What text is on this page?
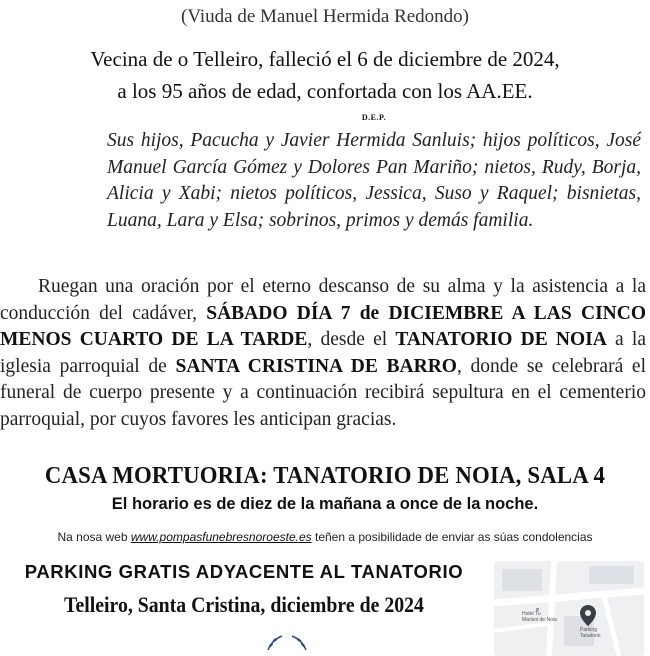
(Viuda de Manuel Hermida Redondo)
Vecina de o Telleiro, falleció el 6 de diciembre de 2024,
a los 95 años de edad, confortada con los AA.EE.
D.E.P.
Sus hijos, Pacucha y Javier Hermida Sanluis; hijos políticos, José Manuel García Gómez y Dolores Pan Mariño; nietos, Rudy, Borja, Alicia y Xabi; nietos políticos, Jessica, Suso y Raquel; bisnietas, Luana, Lara y Elsa; sobrinos, primos y demás familia.
Ruegan una oración por el eterno descanso de su alma y la asistencia a la conducción del cadáver, SÁBADO DÍA 7 de DICIEMBRE A LAS CINCO MENOS CUARTO DE LA TARDE, desde el TANATORIO DE NOIA a la iglesia parroquial de SANTA CRISTINA DE BARRO, donde se celebrará el funeral de cuerpo presente y a continuación recibirá sepultura en el cementerio parroquial, por cuyos favores les anticipan gracias.
CASA MORTUORIA: TANATORIO DE NOIA, SALA 4
El horario es de diez de la mañana a once de la noche.
Na nosa web www.pompasfunebresnoroeste.es teñen a posibilidade de enviar as súas condolencias
PARKING GRATIS ADYACENTE AL TANATORIO
Telleiro, Santa Cristina, diciembre de 2024	Hotel Tu Marisol de Noia
Parking Tanatorio
